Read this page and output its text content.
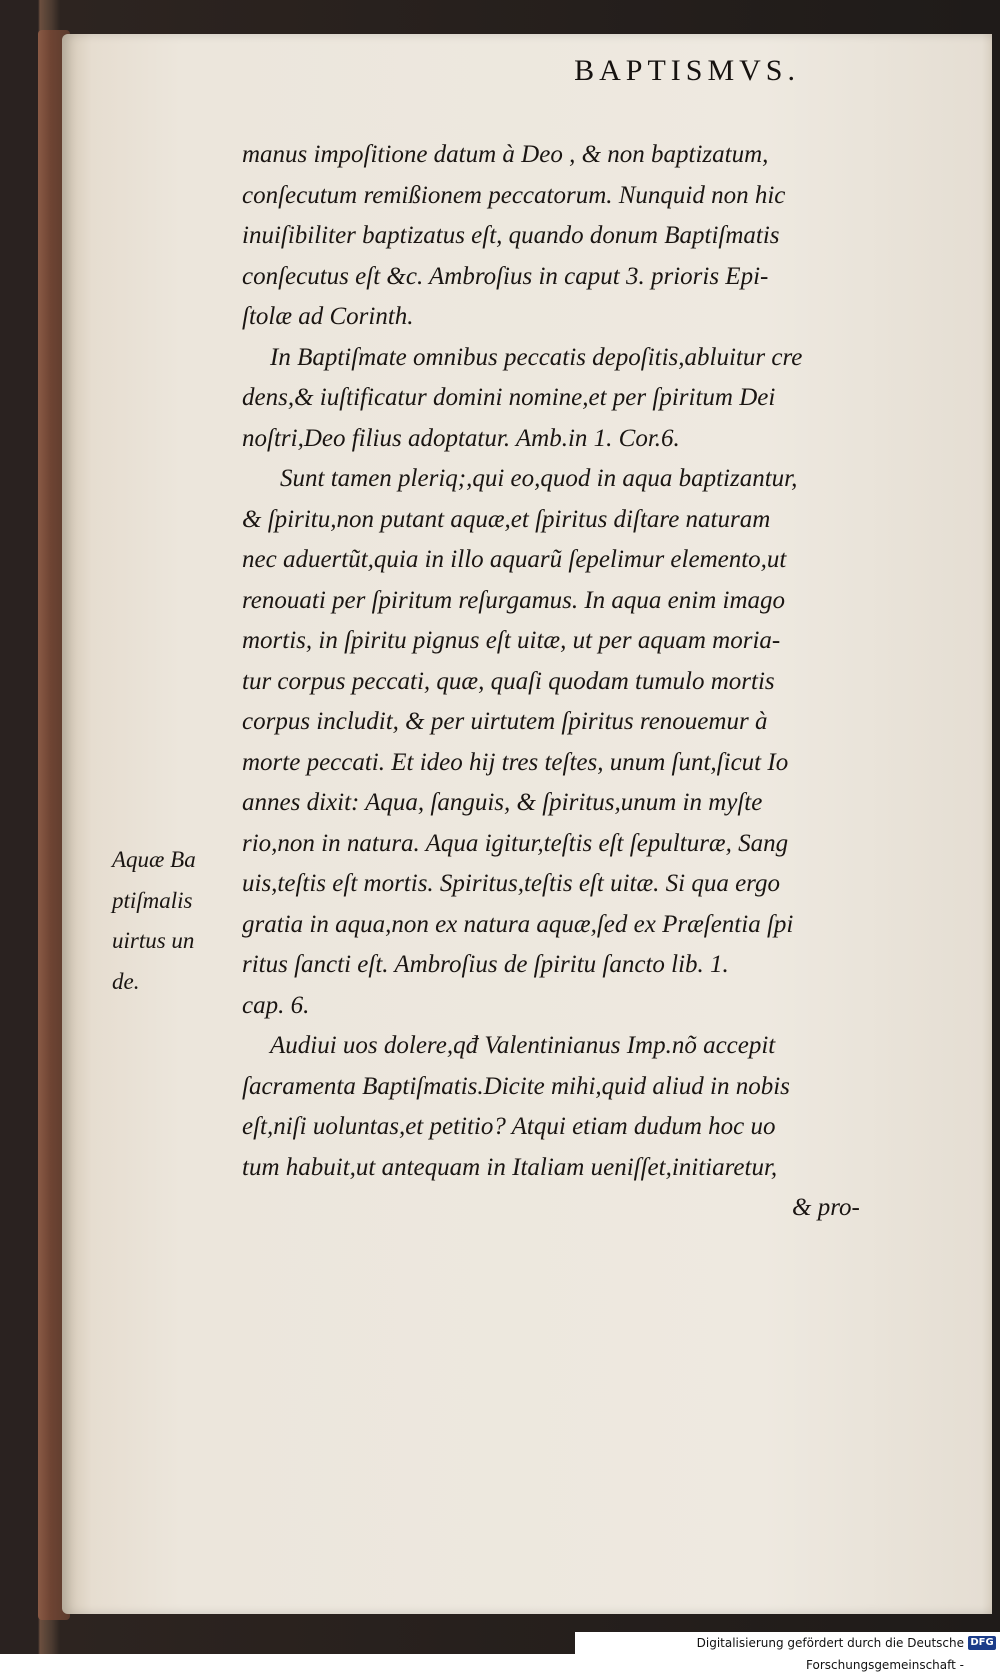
BAPTISMVS.
manus impoſitione datum à Deo , & non baptizatum,
conſecutum remißionem peccatorum. Nunquid non hic
inuiſibiliter baptizatus eſt, quando donum Baptiſmatis
conſecutus eſt &c. Ambroſius in caput 3. prioris Epi-
ſtolæ ad Corinth.
In Baptiſmate omnibus peccatis depoſitis,abluitur cre
dens,& iuſtificatur domini nomine,et per ſpiritum Dei
noſtri,Deo filius adoptatur. Amb.in 1. Cor.6.
Sunt tamen pleriq;,qui eo,quod in aqua baptizantur,
& ſpiritu,non putant aquæ,et ſpiritus diſtare naturam
nec aduertũt,quia in illo aquarũ ſepelimur elemento,ut
renouati per ſpiritum reſurgamus. In aqua enim imago
mortis, in ſpiritu pignus eſt uitæ, ut per aquam moria-
tur corpus peccati, quæ, quaſi quodam tumulo mortis
corpus includit, & per uirtutem ſpiritus renouemur à
morte peccati. Et ideo hij tres teſtes, unum ſunt,ſicut Io
annes dixit: Aqua, ſanguis, & ſpiritus,unum in myſte
rio,non in natura. Aqua igitur,teſtis eſt ſepulturæ, Sang
uis,teſtis eſt mortis. Spiritus,teſtis eſt uitæ. Si qua ergo
gratia in aqua,non ex natura aquæ,ſed ex Præſentia ſpi
ritus ſancti eſt. Ambroſius de ſpiritu ſancto lib. 1.
cap. 6.
Audiui uos dolere,qđ Valentinianus Imp.nõ accepit
ſacramenta Baptiſmatis.Dicite mihi,quid aliud in nobis
eſt,niſi uoluntas,et petitio? Atqui etiam dudum hoc uo
tum habuit,ut antequam in Italiam ueniſſet,initiaretur,
& pro-
Aquæ Ba
ptiſmalis
uirtus un
de.
Digitalisierung gefördert durch die Deutsche DFG
